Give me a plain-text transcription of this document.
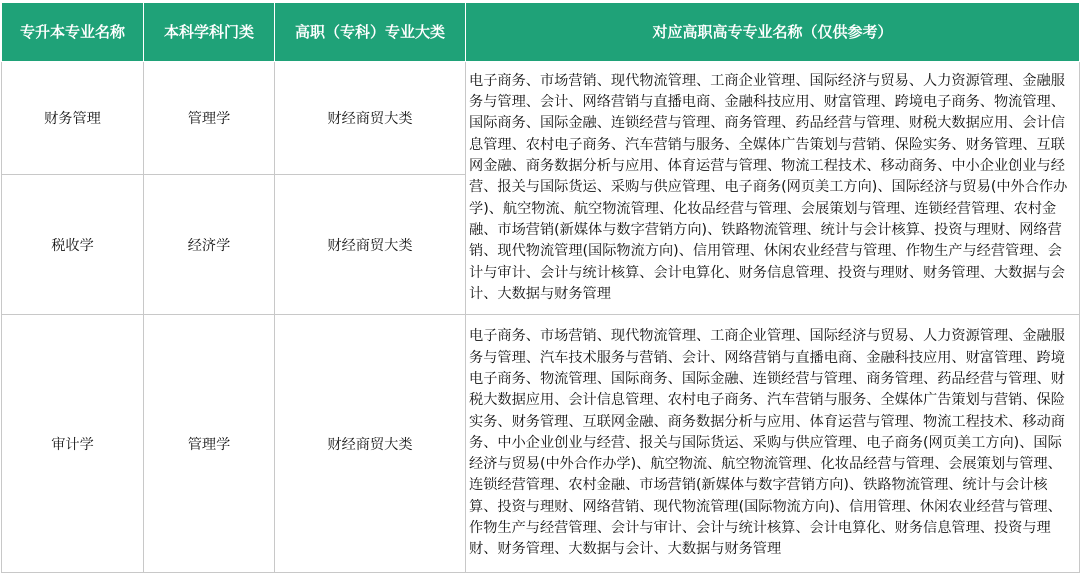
专升本专业名称	本科学科门类	高职（专科）专业大类	对应高职高专专业名称（仅供参考）
财务管理	管理学	财经商贸大类	电子商务、市场营销、现代物流管理、工商企业管理、国际经济与贸易、人力资源管理、金融服务与管理、会计、网络营销与直播电商、金融科技应用、财富管理、跨境电子商务、物流管理、国际商务、国际金融、连锁经营与管理、商务管理、药品经营与管理、财税大数据应用、会计信息管理、农村电子商务、汽车营销与服务、全媒体广告策划与营销、保险实务、财务管理、互联网金融、商务数据分析与应用、体育运营与管理、物流工程技术、移动商务、中小企业创业与经营、报关与国际货运、采购与供应管理、电子商务(网页美工方向)、国际经济与贸易(中外合作办学)、航空物流、航空物流管理、化妆品经营与管理、会展策划与管理、连锁经营管理、农村金融、市场营销(新媒体与数字营销方向)、铁路物流管理、统计与会计核算、投资与理财、网络营销、现代物流管理(国际物流方向)、信用管理、休闲农业经营与管理、作物生产与经营管理、会计与审计、会计与统计核算、会计电算化、财务信息管理、投资与理财、财务管理、大数据与会计、大数据与财务管理
税收学	经济学	财经商贸大类	
审计学	管理学	财经商贸大类	电子商务、市场营销、现代物流管理、工商企业管理、国际经济与贸易、人力资源管理、金融服务与管理、汽车技术服务与营销、会计、网络营销与直播电商、金融科技应用、财富管理、跨境电子商务、物流管理、国际商务、国际金融、连锁经营与管理、商务管理、药品经营与管理、财税大数据应用、会计信息管理、农村电子商务、汽车营销与服务、全媒体广告策划与营销、保险实务、财务管理、互联网金融、商务数据分析与应用、体育运营与管理、物流工程技术、移动商务、中小企业创业与经营、报关与国际货运、采购与供应管理、电子商务(网页美工方向)、国际经济与贸易(中外合作办学)、航空物流、航空物流管理、化妆品经营与管理、会展策划与管理、连锁经营管理、农村金融、市场营销(新媒体与数字营销方向)、铁路物流管理、统计与会计核算、投资与理财、网络营销、现代物流管理(国际物流方向)、信用管理、休闲农业经营与管理、作物生产与经营管理、会计与审计、会计与统计核算、会计电算化、财务信息管理、投资与理财、财务管理、大数据与会计、大数据与财务管理
